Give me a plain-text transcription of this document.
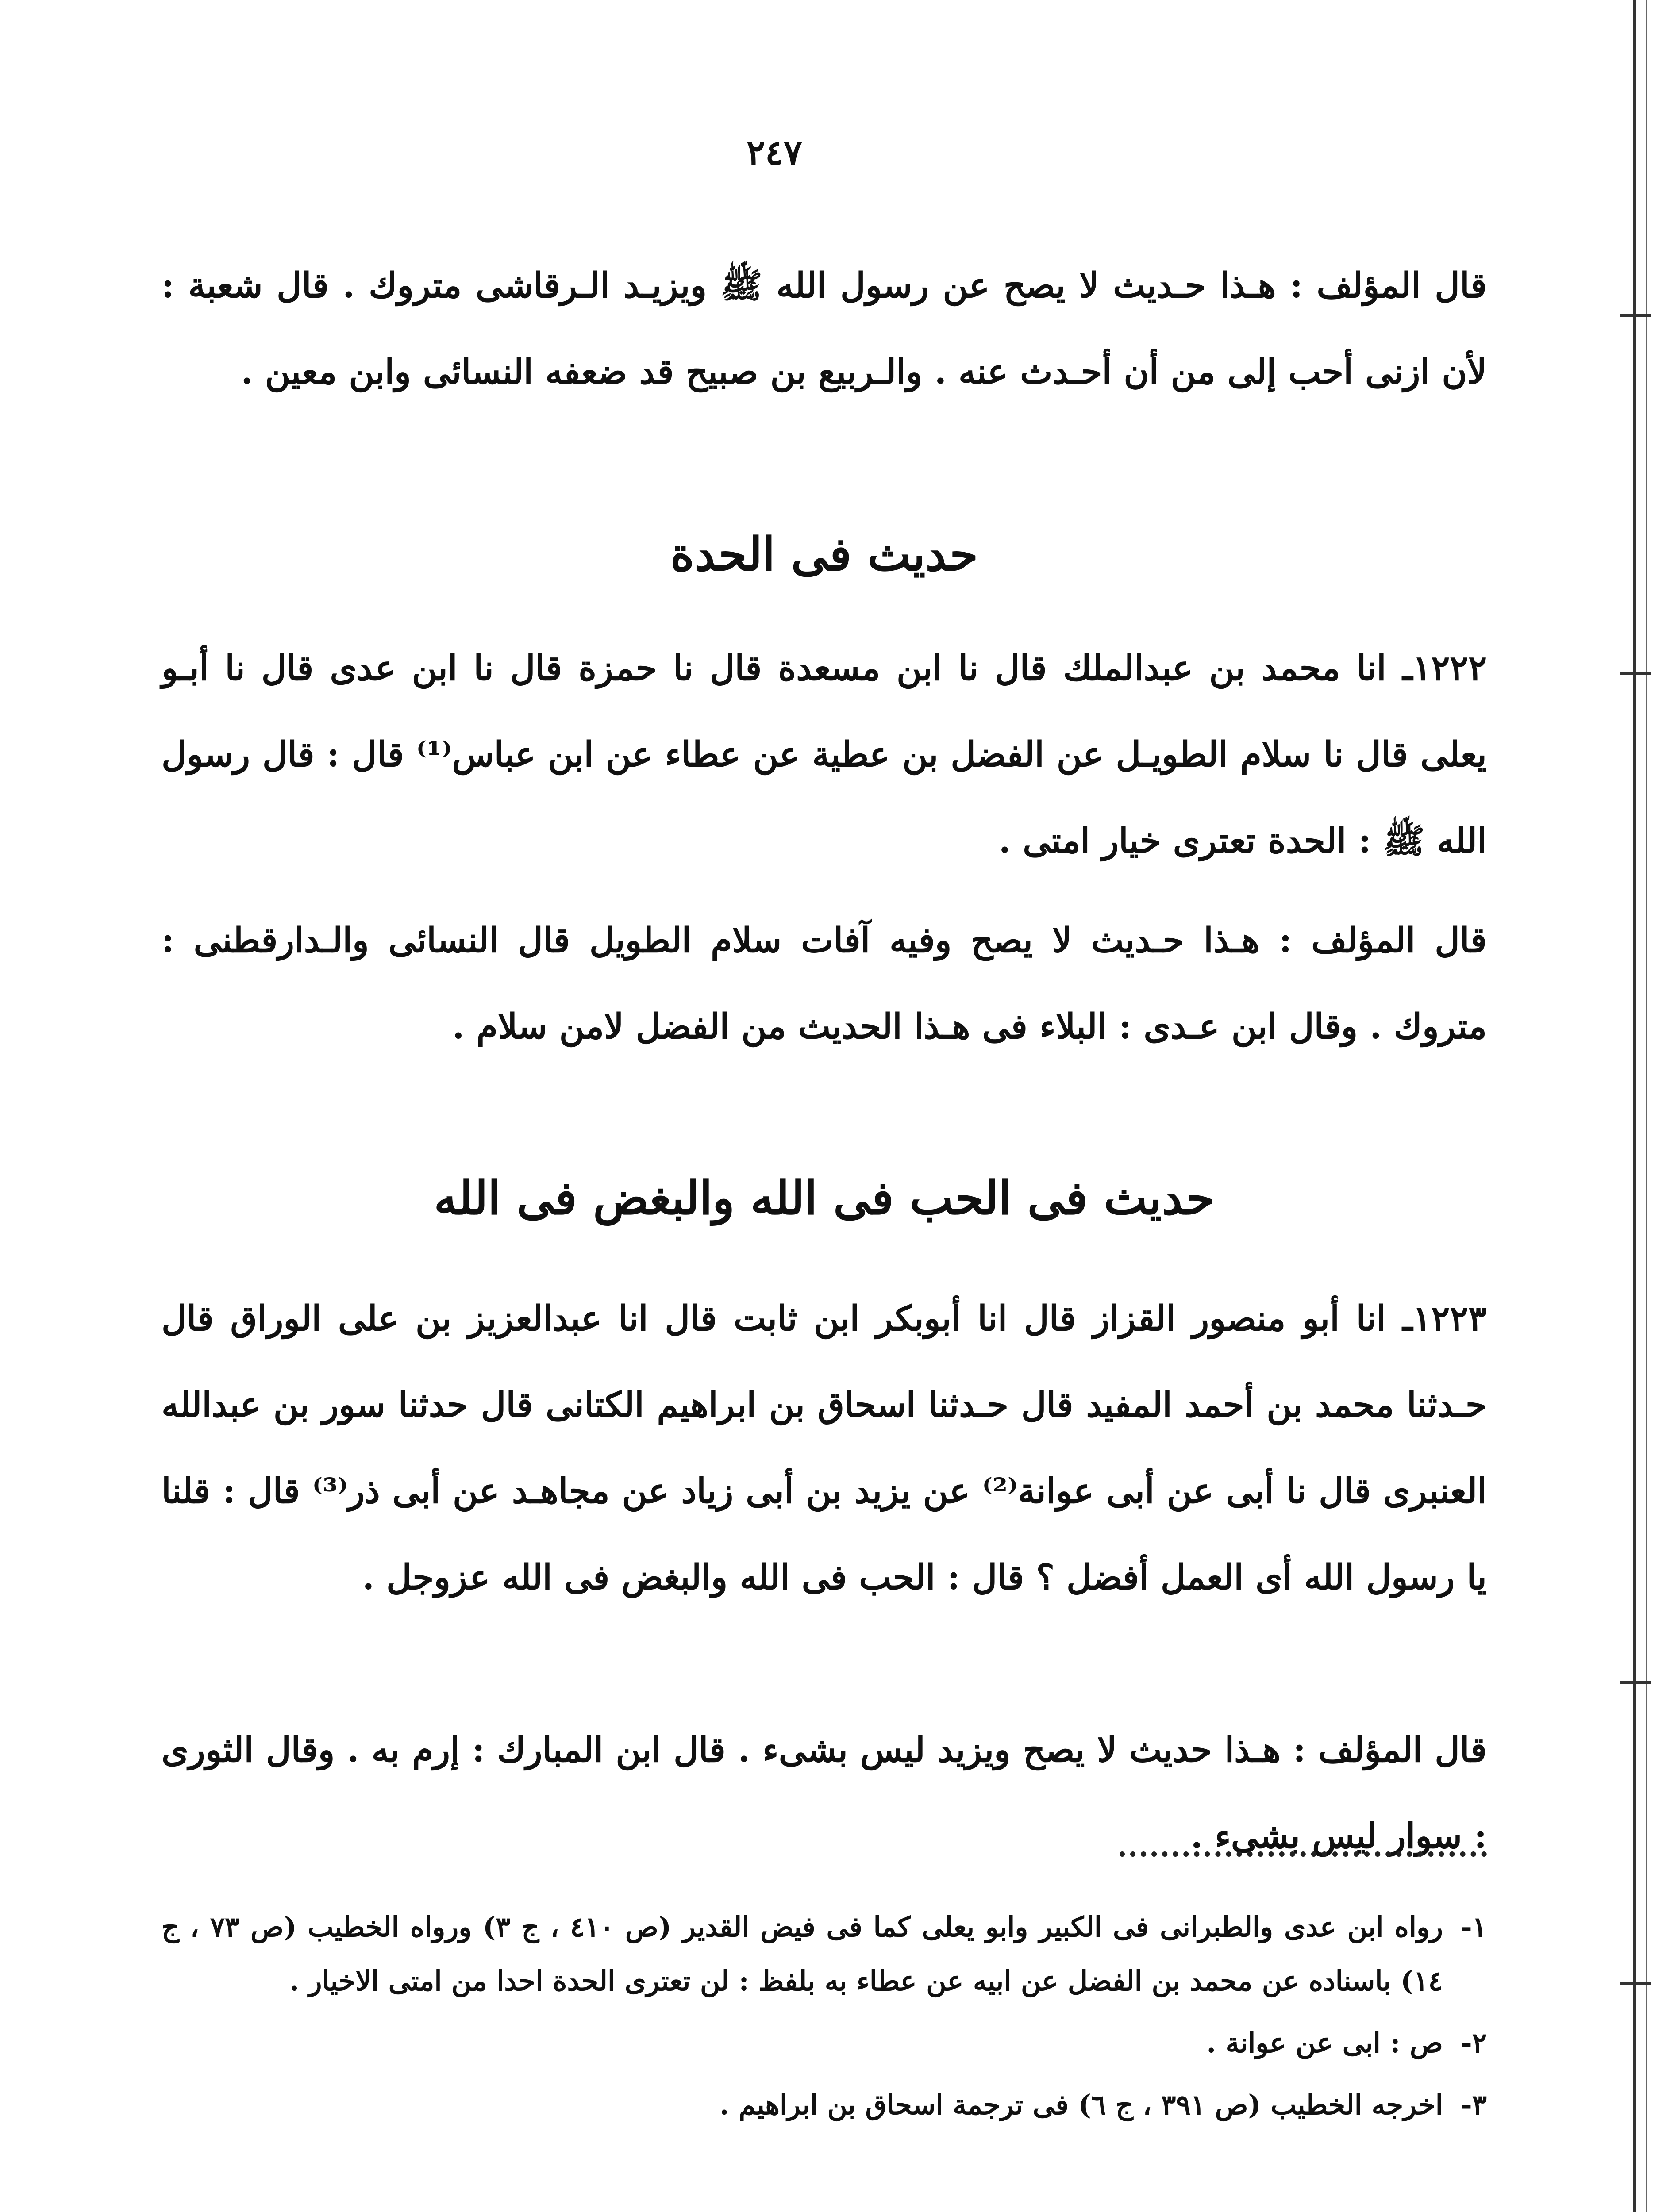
٢٤٧

قال المؤلف : هـذا حـديث لا يصح عن رسول الله ﷺ ويزيـد الـرقاشى متروك . قال شعبة : لأن ازنى أحب إلى من أن أحـدث عنه . والـربيع بن صبيح قد ضعفه النسائى وابن معين .

حديث فى الحدة

١٢٢٢ـ انا محمد بن عبدالملك قال نا ابن مسعدة قال نا حمزة قال نا ابن عدى قال نا أبـو يعلى قال نا سلام الطويـل عن الفضل بن عطية عن عطاء عن ابن عباس⁽¹⁾ قال : قال رسول الله ﷺ : الحدة تعترى خيار امتى .

قال المؤلف : هـذا حـديث لا يصح وفيه آفات سلام الطويل قال النسائى والـدارقطنى : متروك . وقال ابن عـدى : البلاء فى هـذا الحديث من الفضل لامن سلام .

حديث فى الحب فى الله والبغض فى الله

١٢٢٣ـ انا أبو منصور القزاز قال انا أبوبكر ابن ثابت قال انا عبدالعزيز بن على الوراق قال حـدثنا محمد بن أحمد المفيد قال حـدثنا اسحاق بن ابراهيم الكتانى قال حدثنا سور بن عبدالله العنبرى قال نا أبى عن أبى عوانة⁽²⁾ عن يزيد بن أبى زياد عن مجاهـد عن أبى ذر⁽³⁾ قال : قلنا يا رسول الله أى العمل أفضل ؟ قال : الحب فى الله والبغض فى الله عزوجل .

قال المؤلف : هـذا حديث لا يصح ويزيد ليس بشىء . قال ابن المبارك : إرم به . وقال الثورى : سوار ليس بشىء .

-١
رواه ابن عدى والطبرانى فى الكبير وابو يعلى كما فى فيض القدير (ص ٤١٠ ، ج ٣) ورواه الخطيب (ص ٧٣ ، ج ١٤) باسناده عن محمد بن الفضل عن ابيه عن عطاء به بلفظ : لن تعترى الحدة احدا من امتى الاخيار .
-٢
ص : ابى عن عوانة .
-٣
اخرجه الخطيب (ص ٣٩١ ، ج ٦) فى ترجمة اسحاق بن ابراهيم .
